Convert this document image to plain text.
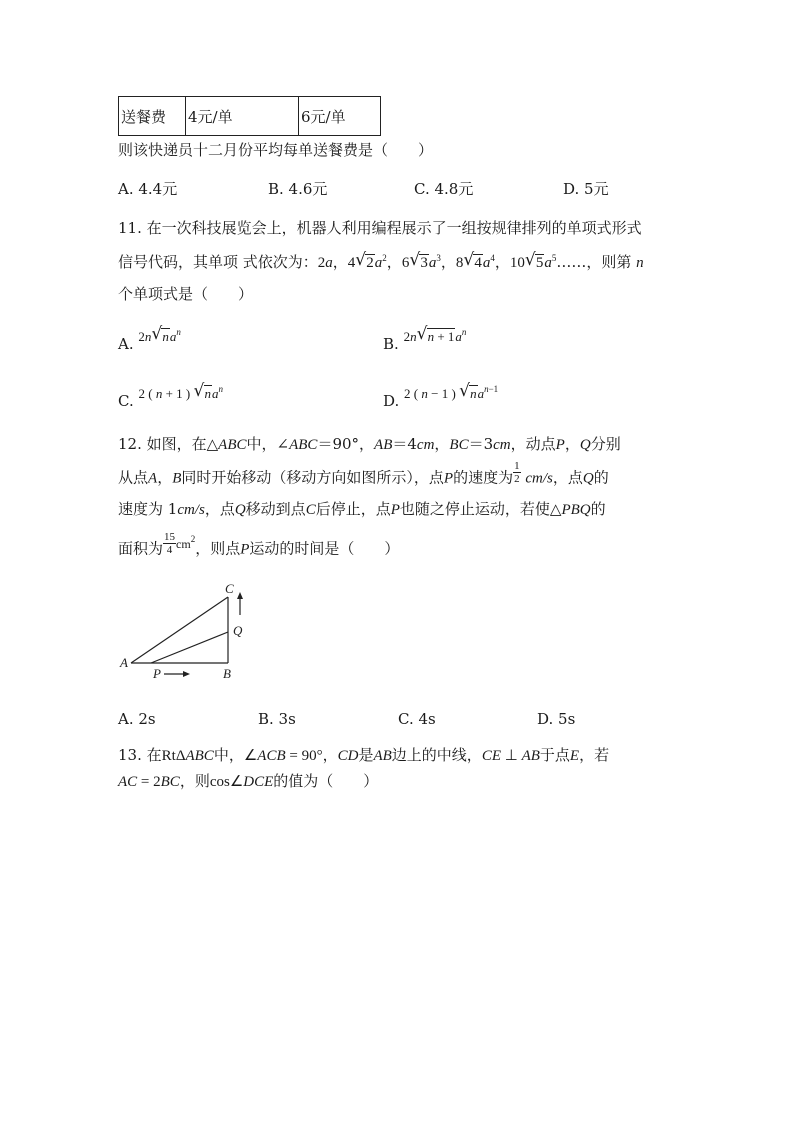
送餐费	4元/单	6元/单
则该快递员十二月份平均每单送餐费是（　　）
A. 4.4元	B. 4.6元	C. 4.8元	D. 5元
11. 在一次科技展览会上，机器人利用编程展示了一组按规律排列的单项式形式
信号代码，其单项 式依次为：2a，4 √ $2a^2$，6 √ $3a^3$，8 √ $4a^4$，10 √ $5a^5\dots\dots$，则第 n
个单项式是（　　）
A. 2n √ $na^n$
B. 2n √ $n + 1a^n$
C. 2 ( n + 1 ) √ $na^n$
D. 2 ( n − 1 ) √ $na^{n-1}$
12. 如图，在△ABC中，∠ABC＝90°，AB＝4cm，BC＝3cm，动点P，Q分别
从点A，B同时开始移动（移动方向如图所示），点P的速度为 $\frac{1}{2} cm/s$，点Q的
速度为 1cm/s，点Q移动到点C后停止，点P也随之停止运动，若使△PBQ的
面积为 $\frac{15}{4} ^{cm^2}$，则点P运动的时间是（　　）
A
B
C
P
Q
A. 2s	B. 3s	C. 4s	D. 5s
13. 在RtΔABC中，∠ACB = 90°，CD是AB边上的中线，CE ⊥ AB于点E，若
AC = 2BC，则cos∠DCE的值为（　　）
